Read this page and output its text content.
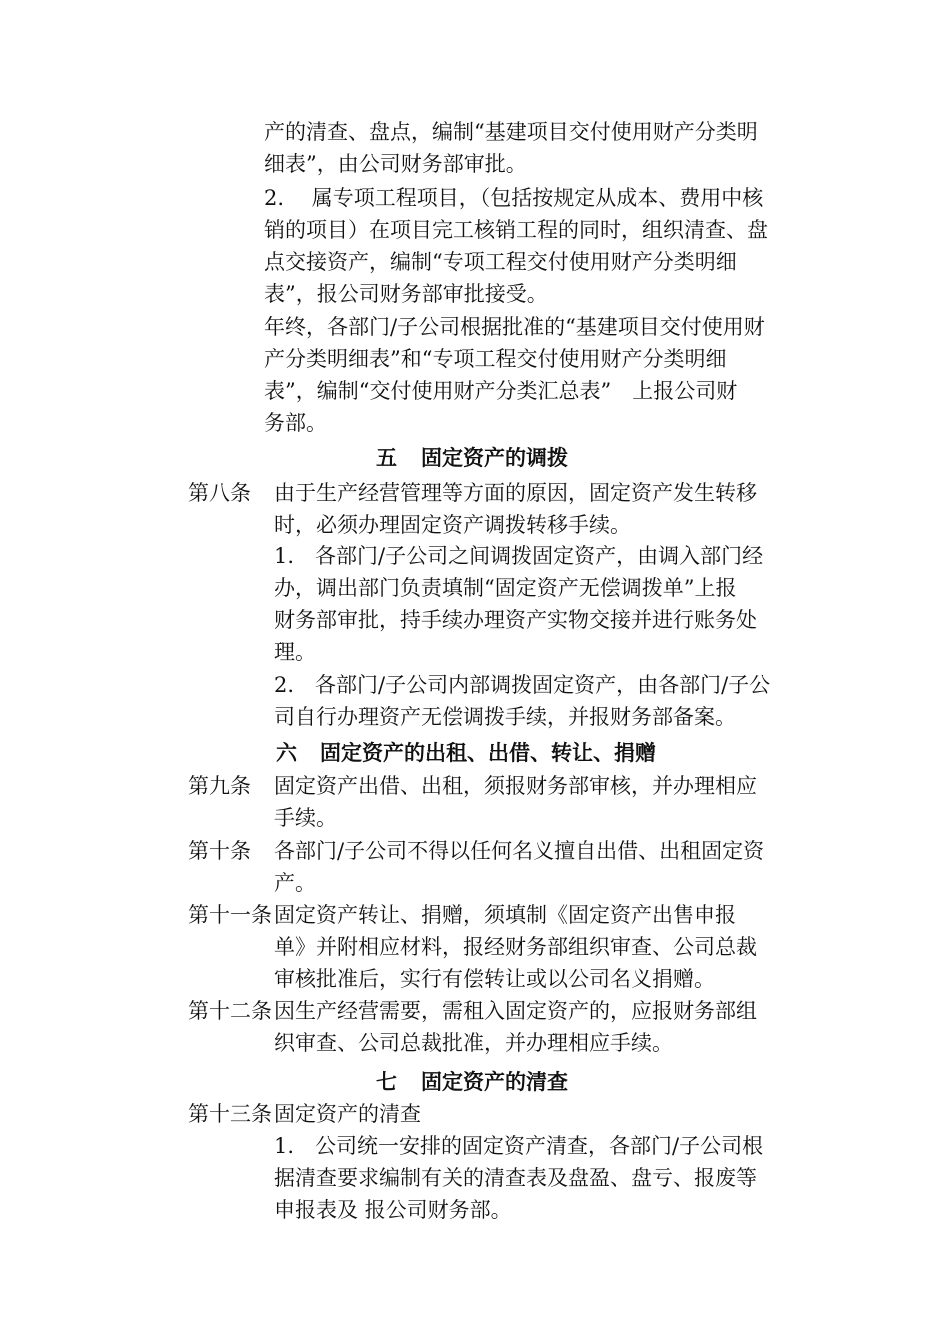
产的清查、盘点，编制“基建项目交付使用财产分类明
细表”，由公司财务部审批。
2.　 属专项工程项目，（包括按规定从成本、费用中核
销的项目）在项目完工核销工程的同时，组织清查、盘
点交接资产，编制“专项工程交付使用财产分类明细
表”，报公司财务部审批接受。
年终，各部门/子公司根据批准的“基建项目交付使用财
产分类明细表”和“专项工程交付使用财产分类明细
表”，编制“交付使用财产分类汇总表”　上报公司财
务部。
五 固定资产的调拨
第八条 由于生产经营管理等方面的原因，固定资产发生转移
时，必须办理固定资产调拨转移手续。
1.　各部门/子公司之间调拨固定资产，由调入部门经
办，调出部门负责填制“固定资产无偿调拨单”上报
财务部审批，持手续办理资产实物交接并进行账务处
理。
2.　各部门/子公司内部调拨固定资产，由各部门/子公
司自行办理资产无偿调拨手续，并报财务部备案。
六 固定资产的出租、出借、转让、捐赠
第九条 固定资产出借、出租，须报财务部审核，并办理相应
手续。
第十条 各部门/子公司不得以任何名义擅自出借、出租固定资
产。
第十一条 固定资产转让、捐赠，须填制《固定资产出售申报
单》并附相应材料，报经财务部组织审查、公司总裁
审核批准后，实行有偿转让或以公司名义捐赠。
第十二条 因生产经营需要，需租入固定资产的，应报财务部组
织审查、公司总裁批准，并办理相应手续。
七 固定资产的清查
第十三条 固定资产的清查
1.　公司统一安排的固定资产清查，各部门/子公司根
据清查要求编制有关的清查表及盘盈、盘亏、报废等
申报表及 报公司财务部。
